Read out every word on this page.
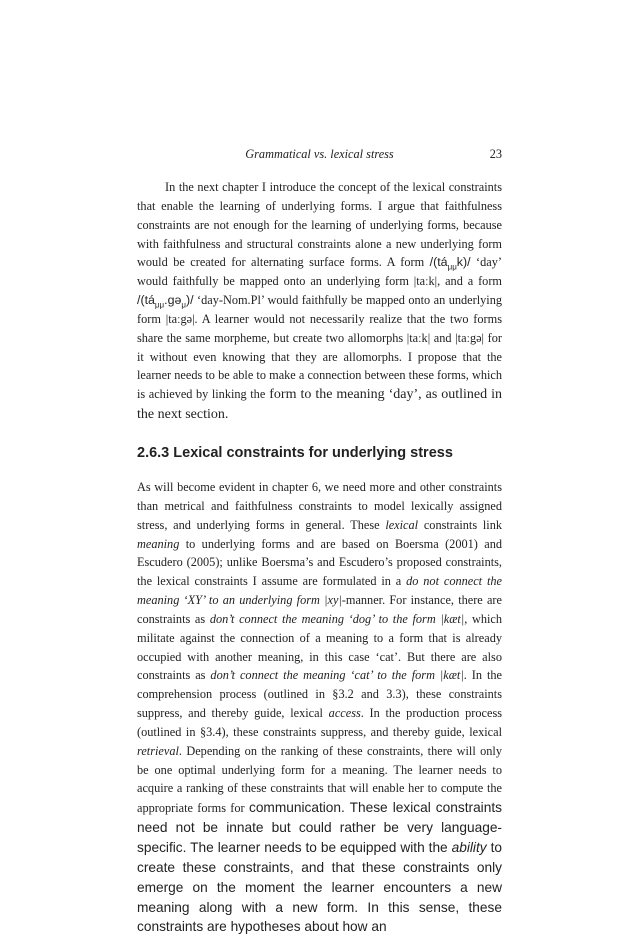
Grammatical vs. lexical stress	23

In the next chapter I introduce the concept of the lexical constraints that enable the learning of underlying forms. I argue that faithfulness constraints are not enough for the learning of underlying forms, because with faithfulness and structural constraints alone a new underlying form would be created for alternating surface forms. A form $/(tá_{\mu\mu}k)/$ ‘day’ would faithfully be mapped onto an underlying form |taːk|, and a form $/(tá_{\mu\mu}.gə_\mu)/$ ‘day-Nom.Pl’ would faithfully be mapped onto an underlying form |taːgə|. A learner would not necessarily realize that the two forms share the same morpheme, but create two allomorphs |taːk| and |taːgə| for it without even knowing that they are allomorphs. I propose that the learner needs to be able to make a connection between these forms, which is achieved by linking the form to the meaning ‘day’, as outlined in the next section.

2.6.3 Lexical constraints for underlying stress

As will become evident in chapter 6, we need more and other constraints than metrical and faithfulness constraints to model lexically assigned stress, and underlying forms in general. These lexical constraints link meaning to underlying forms and are based on Boersma (2001) and Escudero (2005); unlike Boersma’s and Escudero’s proposed constraints, the lexical constraints I assume are formulated in a do not connect the meaning ‘XY’ to an underlying form |xy|-manner. For instance, there are constraints as don’t connect the meaning ‘dog’ to the form |kæt|, which militate against the connection of a meaning to a form that is already occupied with another meaning, in this case ‘cat’. But there are also constraints as don’t connect the meaning ‘cat’ to the form |kæt|. In the comprehension process (outlined in §3.2 and 3.3), these constraints suppress, and thereby guide, lexical access. In the production process (outlined in §3.4), these constraints suppress, and thereby guide, lexical retrieval. Depending on the ranking of these constraints, there will only be one optimal underlying form for a meaning. The learner needs to acquire a ranking of these constraints that will enable her to compute the appropriate forms for communication. These lexical constraints need not be innate but could rather be very language-specific. The learner needs to be equipped with the ability to create these constraints, and that these constraints only emerge on the moment the learner encounters a new meaning along with a new form. In this sense, these constraints are hypotheses about how an
